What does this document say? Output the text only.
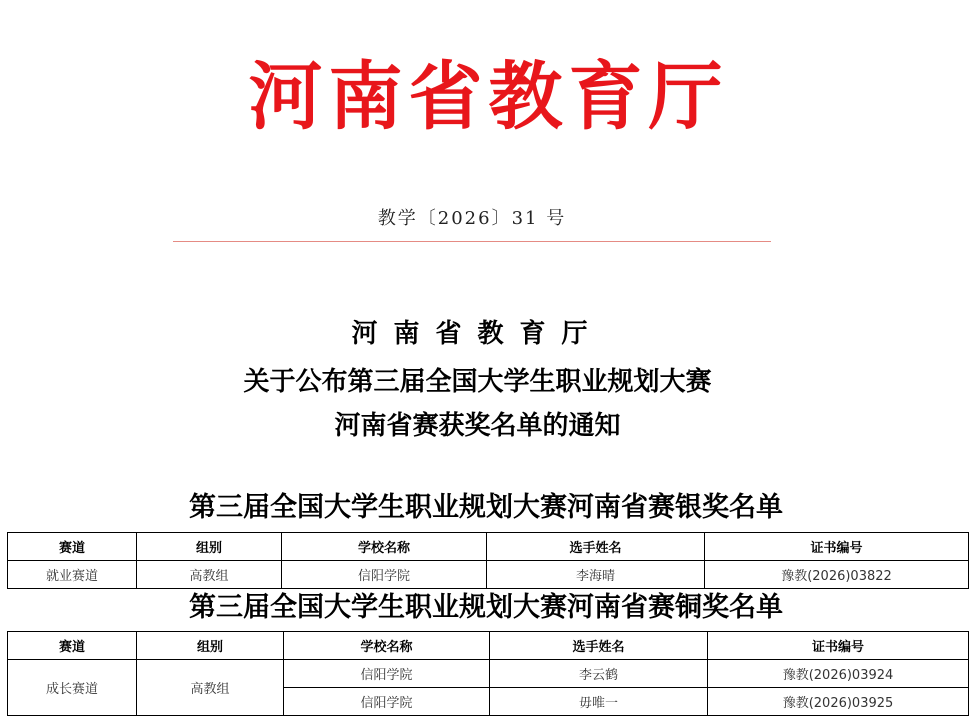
河南省教育厅
教学〔2026〕31 号
河南省教育厅
关于公布第三届全国大学生职业规划大赛
河南省赛获奖名单的通知
第三届全国大学生职业规划大赛河南省赛银奖名单
赛道	组别	学校名称	选手姓名	证书编号
就业赛道	高教组	信阳学院	李海晴	豫教(2026)03822
第三届全国大学生职业规划大赛河南省赛铜奖名单
赛道	组别	学校名称	选手姓名	证书编号
成长赛道	高教组	信阳学院	李云鹤	豫教(2026)03924
		信阳学院	毋唯一	豫教(2026)03925
